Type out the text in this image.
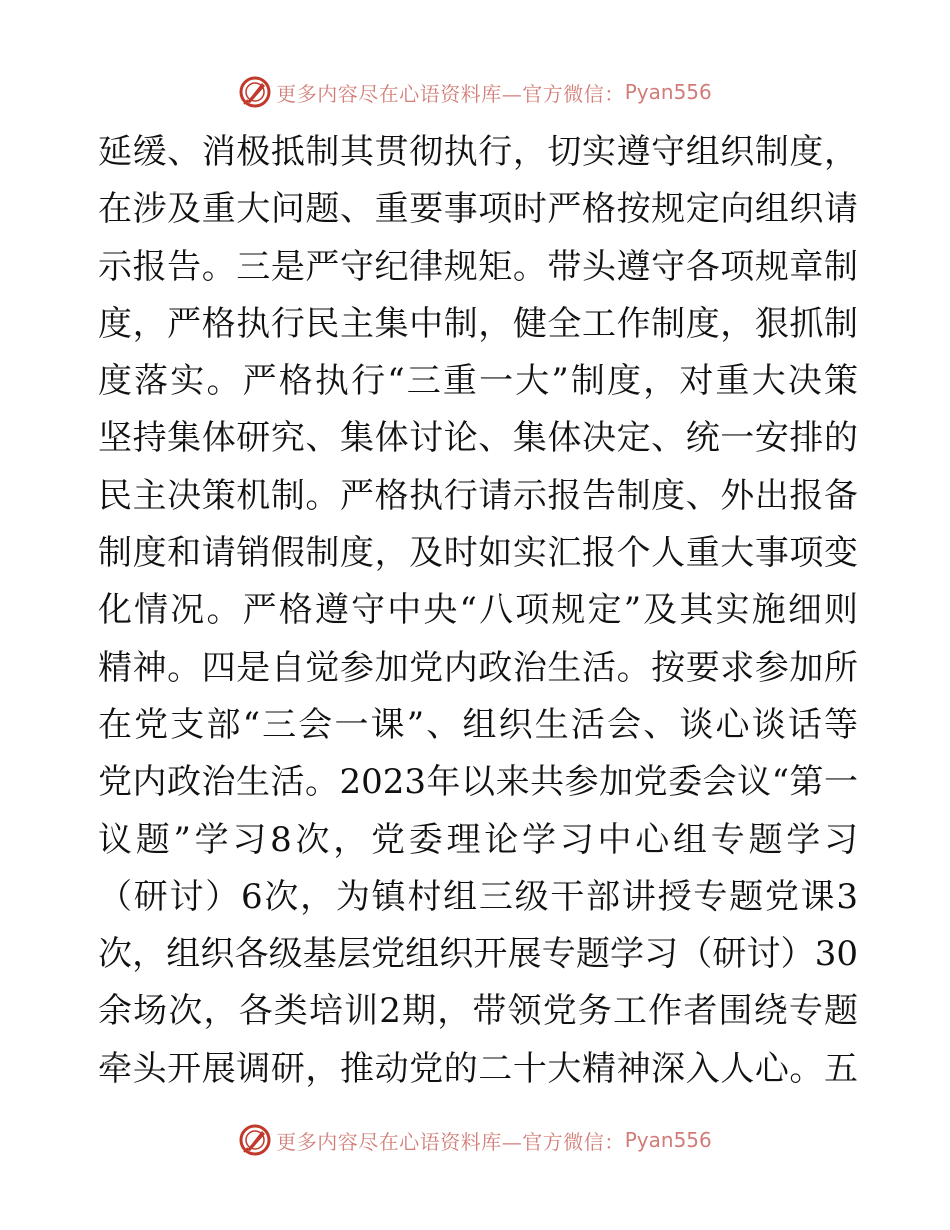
更多内容尽在心语资料库—官方微信： Pyan556
延缓、消极抵制其贯彻执行，切实遵守组织制度，
在涉及重大问题、重要事项时严格按规定向组织请
示报告。三是严守纪律规矩。带头遵守各项规章制
度，严格执行民主集中制，健全工作制度，狠抓制
度落实。严格执行“三重一大”制度，对重大决策
坚持集体研究、集体讨论、集体决定、统一安排的
民主决策机制。严格执行请示报告制度、外出报备
制度和请销假制度，及时如实汇报个人重大事项变
化情况。严格遵守中央“八项规定”及其实施细则
精神。四是自觉参加党内政治生活。按要求参加所
在党支部“三会一课”、组织生活会、谈心谈话等
党内政治生活。2023年以来共参加党委会议“第一
议题”学习8次，党委理论学习中心组专题学习
（研讨）6次，为镇村组三级干部讲授专题党课3
次，组织各级基层党组织开展专题学习（研讨）30
余场次，各类培训2期，带领党务工作者围绕专题
牵头开展调研，推动党的二十大精神深入人心。五
更多内容尽在心语资料库—官方微信： Pyan556
